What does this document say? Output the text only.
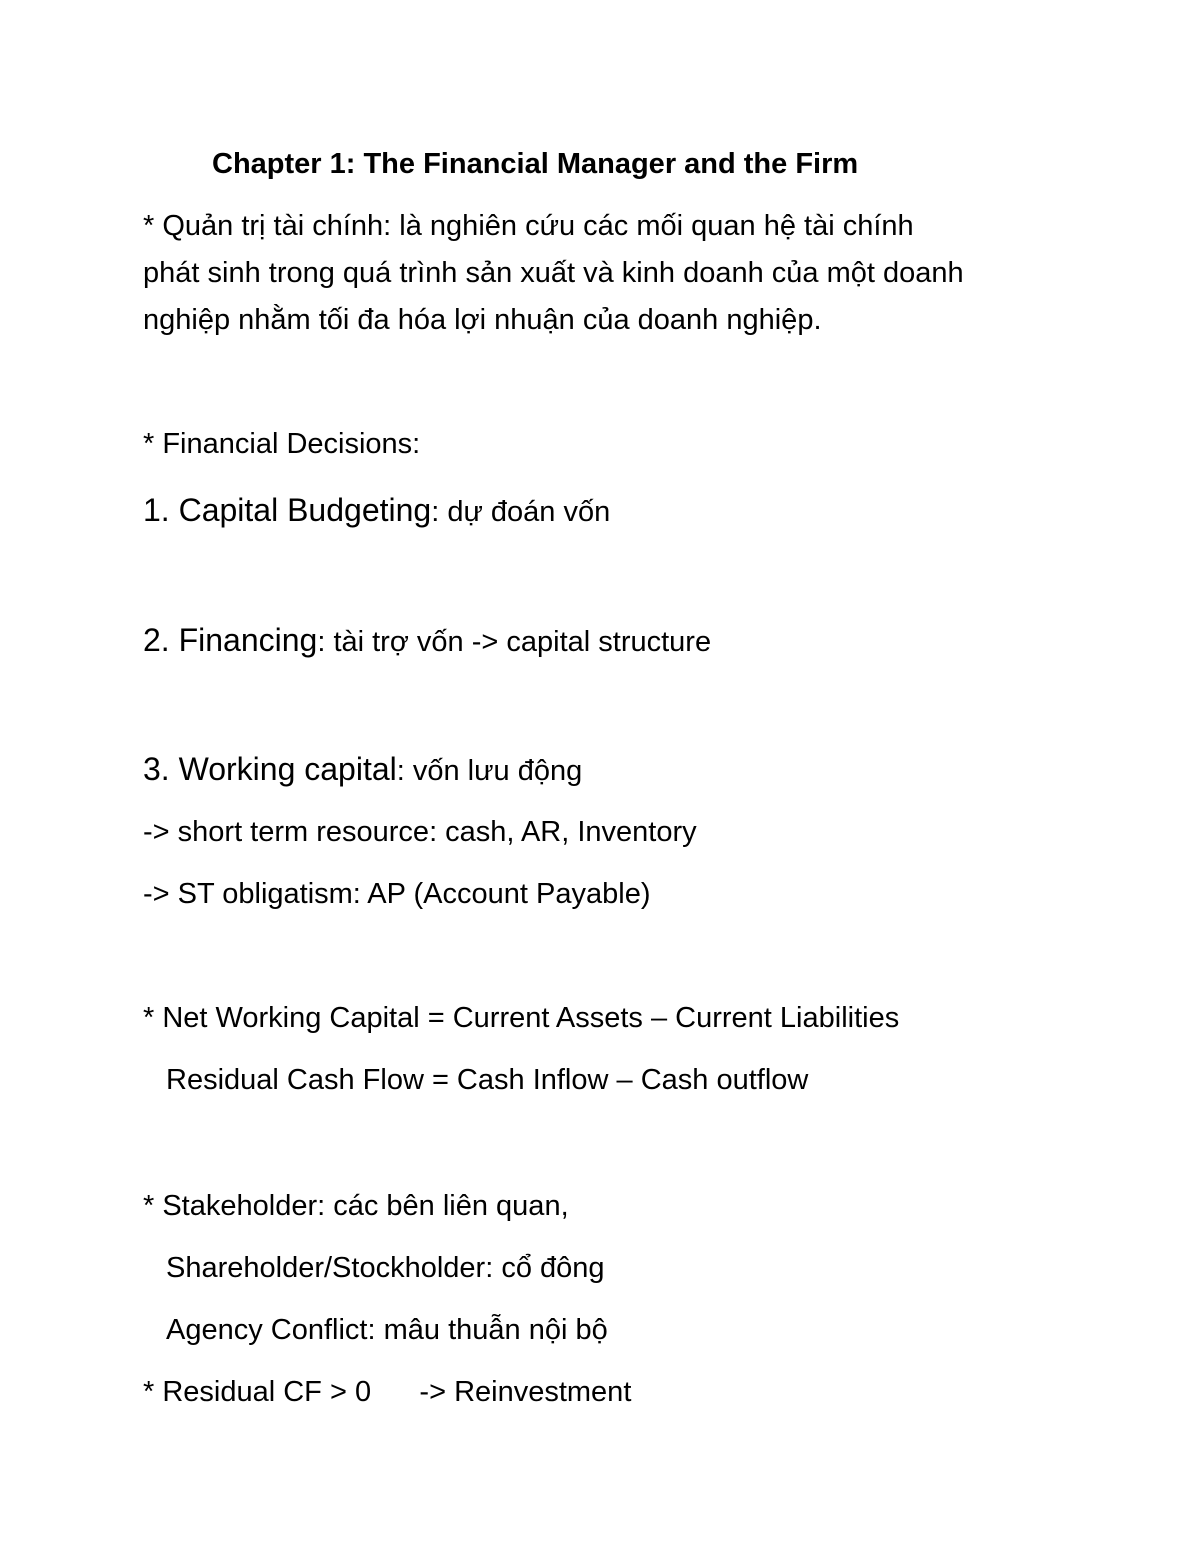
Chapter 1: The Financial Manager and the Firm
* Quản trị tài chính: là nghiên cứu các mối quan hệ tài chính
phát sinh trong quá trình sản xuất và kinh doanh của một doanh
nghiệp nhằm tối đa hóa lợi nhuận của doanh nghiệp.
* Financial Decisions:
1. Capital Budgeting: dự đoán vốn
2. Financing: tài trợ vốn -> capital structure
3. Working capital: vốn lưu động
-> short term resource: cash, AR, Inventory
-> ST obligatism: AP (Account Payable)
* Net Working Capital = Current Assets – Current Liabilities
Residual Cash Flow = Cash Inflow – Cash outflow
* Stakeholder: các bên liên quan,
Shareholder/Stockholder: cổ đông
Agency Conflict: mâu thuẫn nội bộ
* Residual CF > 0      -> Reinvestment
